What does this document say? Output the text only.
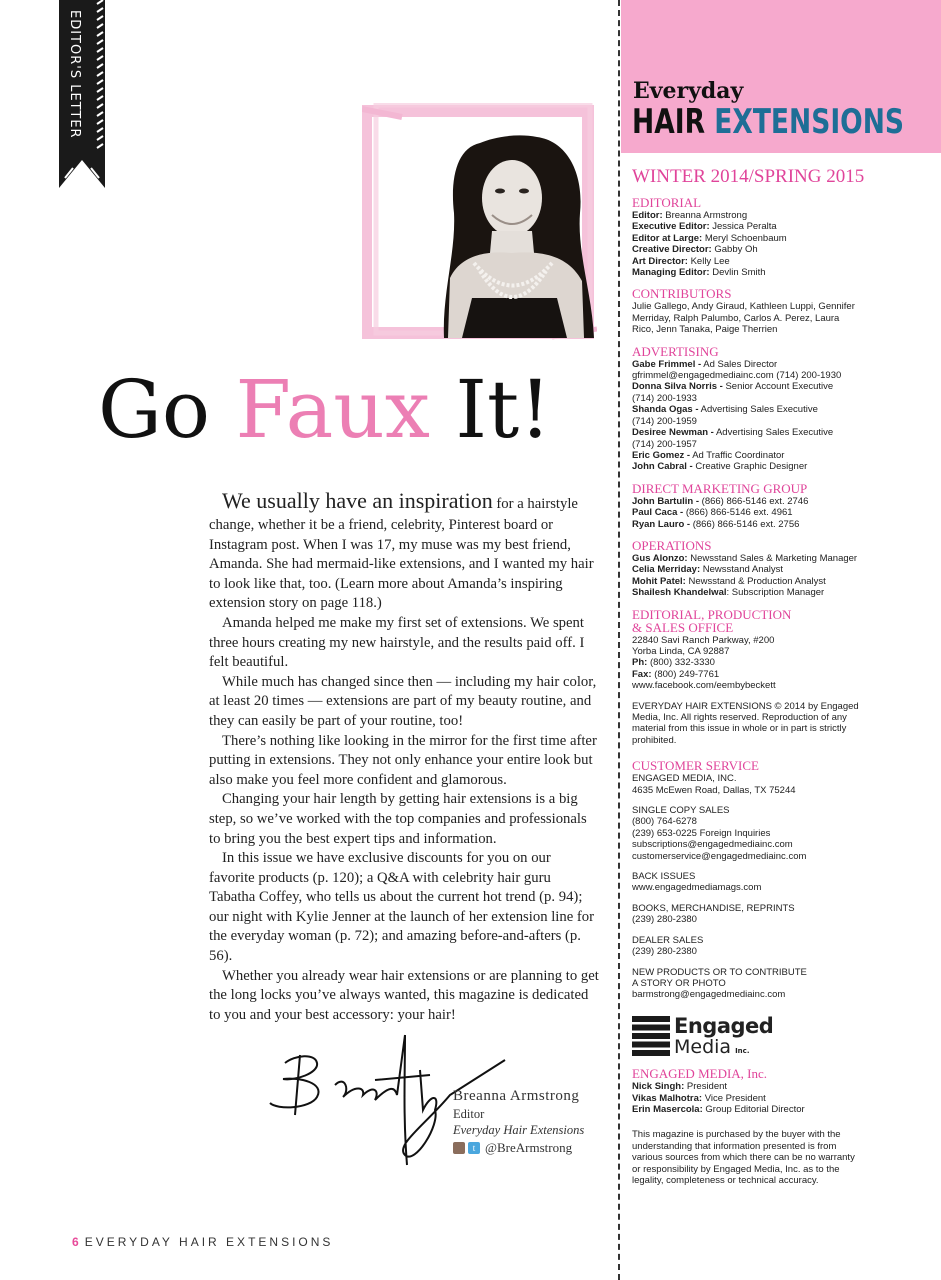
EDITOR'S LETTER
Go Faux It!

We usually have an inspiration for a hairstyle change, whether it be a friend, celebrity, Pinterest board or Instagram post. When I was 17, my muse was my best friend, Amanda. She had mermaid-like extensions, and I wanted my hair to look like that, too. (Learn more about Amanda’s inspiring extension story on page 118.)

Amanda helped me make my first set of extensions. We spent three hours creating my new hairstyle, and the results paid off. I felt beautiful.

While much has changed since then — including my hair color, at least 20 times — extensions are part of my beauty routine, and they can easily be part of your routine, too!

There’s nothing like looking in the mirror for the first time after putting in extensions. They not only enhance your entire look but also make you feel more confident and glamorous.

Changing your hair length by getting hair extensions is a big step, so we’ve worked with the top companies and professionals to bring you the best expert tips and information.

In this issue we have exclusive discounts for you on our favorite products (p. 120); a Q&A with celebrity hair guru Tabatha Coffey, who tells us about the current hot trend (p. 94); our night with Kylie Jenner at the launch of her extension line for the everyday woman (p. 72); and amazing before-and-afters (p. 56).

Whether you already wear hair extensions or are planning to get the long locks you’ve always wanted, this magazine is dedicated to you and your best accessory: your hair!

Breanna Armstrong
Editor
Everyday Hair Extensions
t @BreArmstrong
6 EVERYDAY HAIR EXTENSIONS
Everyday
HAIR EXTENSIONS
WINTER 2014/SPRING 2015
EDITORIAL
Editor: Breanna Armstrong
Executive Editor: Jessica Peralta
Editor at Large: Meryl Schoenbaum
Creative Director: Gabby Oh
Art Director: Kelly Lee
Managing Editor: Devlin Smith
CONTRIBUTORS
Julie Gallego, Andy Giraud, Kathleen Luppi, Gennifer
Merriday, Ralph Palumbo, Carlos A. Perez, Laura
Rico, Jenn Tanaka, Paige Therrien
ADVERTISING
Gabe Frimmel - Ad Sales Director
gfrimmel@engagedmediainc.com (714) 200-1930
Donna Silva Norris - Senior Account Executive
(714) 200-1933
Shanda Ogas - Advertising Sales Executive
(714) 200-1959
Desiree Newman - Advertising Sales Executive
(714) 200-1957
Eric Gomez - Ad Traffic Coordinator
John Cabral - Creative Graphic Designer
DIRECT MARKETING GROUP
John Bartulin - (866) 866-5146 ext. 2746
Paul Caca - (866) 866-5146 ext. 4961
Ryan Lauro - (866) 866-5146 ext. 2756
OPERATIONS
Gus Alonzo: Newsstand Sales & Marketing Manager
Celia Merriday: Newsstand Analyst
Mohit Patel: Newsstand & Production Analyst
Shailesh Khandelwal: Subscription Manager
EDITORIAL, PRODUCTION
& SALES OFFICE
22840 Savi Ranch Parkway, #200
Yorba Linda, CA 92887
Ph: (800) 332-3330
Fax: (800) 249-7761
www.facebook.com/eembybeckett
EVERYDAY HAIR EXTENSIONS © 2014 by Engaged
Media, Inc. All rights reserved. Reproduction of any
material from this issue in whole or in part is strictly
prohibited.
CUSTOMER SERVICE
ENGAGED MEDIA, INC.
4635 McEwen Road, Dallas, TX 75244
SINGLE COPY SALES
(800) 764-6278
(239) 653-0225 Foreign Inquiries
subscriptions@engagedmediainc.com
customerservice@engagedmediainc.com
BACK ISSUES
www.engagedmediamags.com
BOOKS, MERCHANDISE, REPRINTS
(239) 280-2380
DEALER SALES
(239) 280-2380
NEW PRODUCTS OR TO CONTRIBUTE
A STORY OR PHOTO
barmstrong@engagedmediainc.com
Engaged
Media Inc.
ENGAGED MEDIA, Inc.
Nick Singh: President
Vikas Malhotra: Vice President
Erin Masercola: Group Editorial Director
This magazine is purchased by the buyer with the
understanding that information presented is from
various sources from which there can be no warranty
or responsibility by Engaged Media, Inc. as to the
legality, completeness or technical accuracy.
